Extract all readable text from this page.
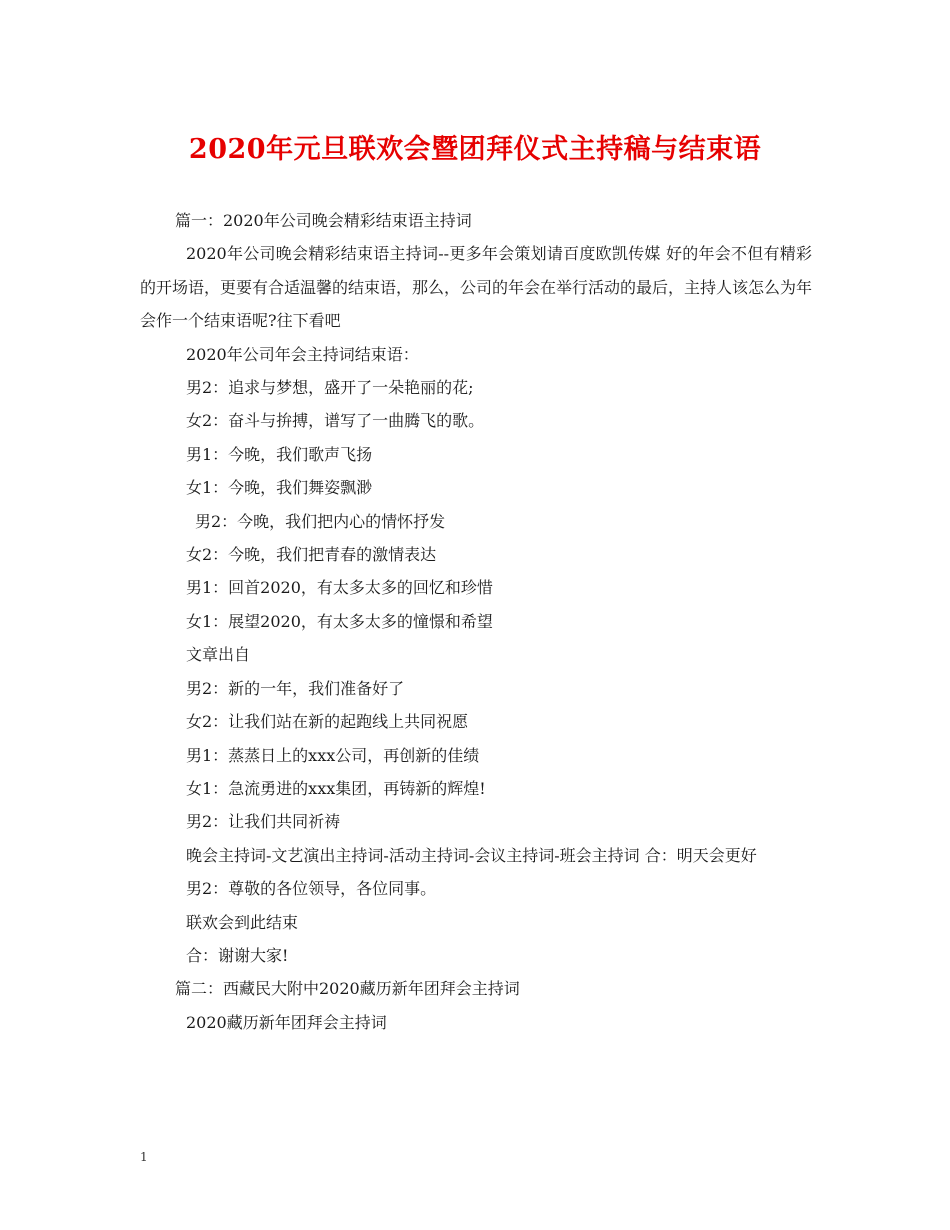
2020年元旦联欢会暨团拜仪式主持稿与结束语

篇一：2020年公司晚会精彩结束语主持词

2020年公司晚会精彩结束语主持词--更多年会策划请百度欧凯传媒 好的年会不但有精彩的开场语，更要有合适温馨的结束语，那么，公司的年会在举行活动的最后，主持人该怎么为年会作一个结束语呢?往下看吧

2020年公司年会主持词结束语：

男2：追求与梦想，盛开了一朵艳丽的花;

女2：奋斗与拚搏，谱写了一曲腾飞的歌。

男1：今晚，我们歌声飞扬

女1：今晚，我们舞姿飘渺

男2：今晚，我们把内心的情怀抒发

女2：今晚，我们把青春的激情表达

男1：回首2020，有太多太多的回忆和珍惜

女1：展望2020，有太多太多的憧憬和希望

文章出自

男2：新的一年，我们准备好了

女2：让我们站在新的起跑线上共同祝愿

男1：蒸蒸日上的xxx公司，再创新的佳绩

女1：急流勇进的xxx集团，再铸新的辉煌!

男2：让我们共同祈祷

晚会主持词-文艺演出主持词-活动主持词-会议主持词-班会主持词 合：明天会更好

男2：尊敬的各位领导，各位同事。

联欢会到此结束

合：谢谢大家!

篇二：西藏民大附中2020藏历新年团拜会主持词

2020藏历新年团拜会主持词

1
